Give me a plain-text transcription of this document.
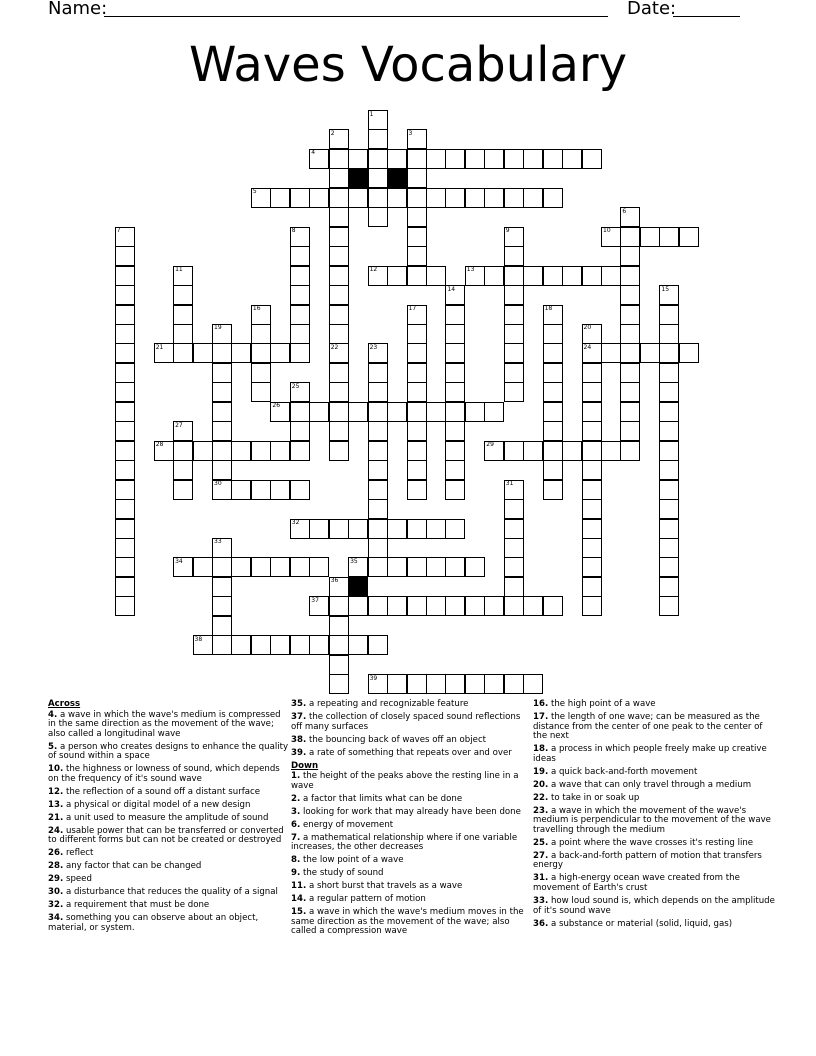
Name:	Date:
Waves Vocabulary
1
2	3
4
5
6
7	8	9	10
11	12	13
14	15
16	17	18
19
30
20
24
21	22	23
25
26
27
28	29
31
32
33
34	35
36
37
38
39
Across
4. a wave in which the wave's medium is compressed in the same direction as the movement of the wave; also called a longitudinal wave
5. a person who creates designs to enhance the quality of sound within a space
10. the highness or lowness of sound, which depends on the frequency of it's sound wave
12. the reflection of a sound off a distant surface
13. a physical or digital model of a new design
21. a unit used to measure the amplitude of sound
24. usable power that can be transferred or converted to different forms but can not be created or destroyed
26. reflect
28. any factor that can be changed
29. speed
30. a disturbance that reduces the quality of a signal
32. a requirement that must be done
34. something you can observe about an object, material, or system.
35. a repeating and recognizable feature
37. the collection of closely spaced sound reflections off many surfaces
38. the bouncing back of waves off an object
39. a rate of something that repeats over and over
Down
1. the height of the peaks above the resting line in a wave
2. a factor that limits what can be done
3. looking for work that may already have been done
6. energy of movement
7. a mathematical relationship where if one variable increases, the other decreases
8. the low point of a wave
9. the study of sound
11. a short burst that travels as a wave
14. a regular pattern of motion
15. a wave in which the wave's medium moves in the same direction as the movement of the wave; also called a compression wave
16. the high point of a wave
17. the length of one wave; can be measured as the distance from the center of one peak to the center of the next
18. a process in which people freely make up creative ideas
19. a quick back-and-forth movement
20. a wave that can only travel through a medium
22. to take in or soak up
23. a wave in which the movement of the wave's medium is perpendicular to the movement of the wave travelling through the medium
25. a point where the wave crosses it's resting line
27. a back-and-forth pattern of motion that transfers energy
31. a high-energy ocean wave created from the movement of Earth's crust
33. how loud sound is, which depends on the amplitude of it's sound wave
36. a substance or material (solid, liquid, gas)
